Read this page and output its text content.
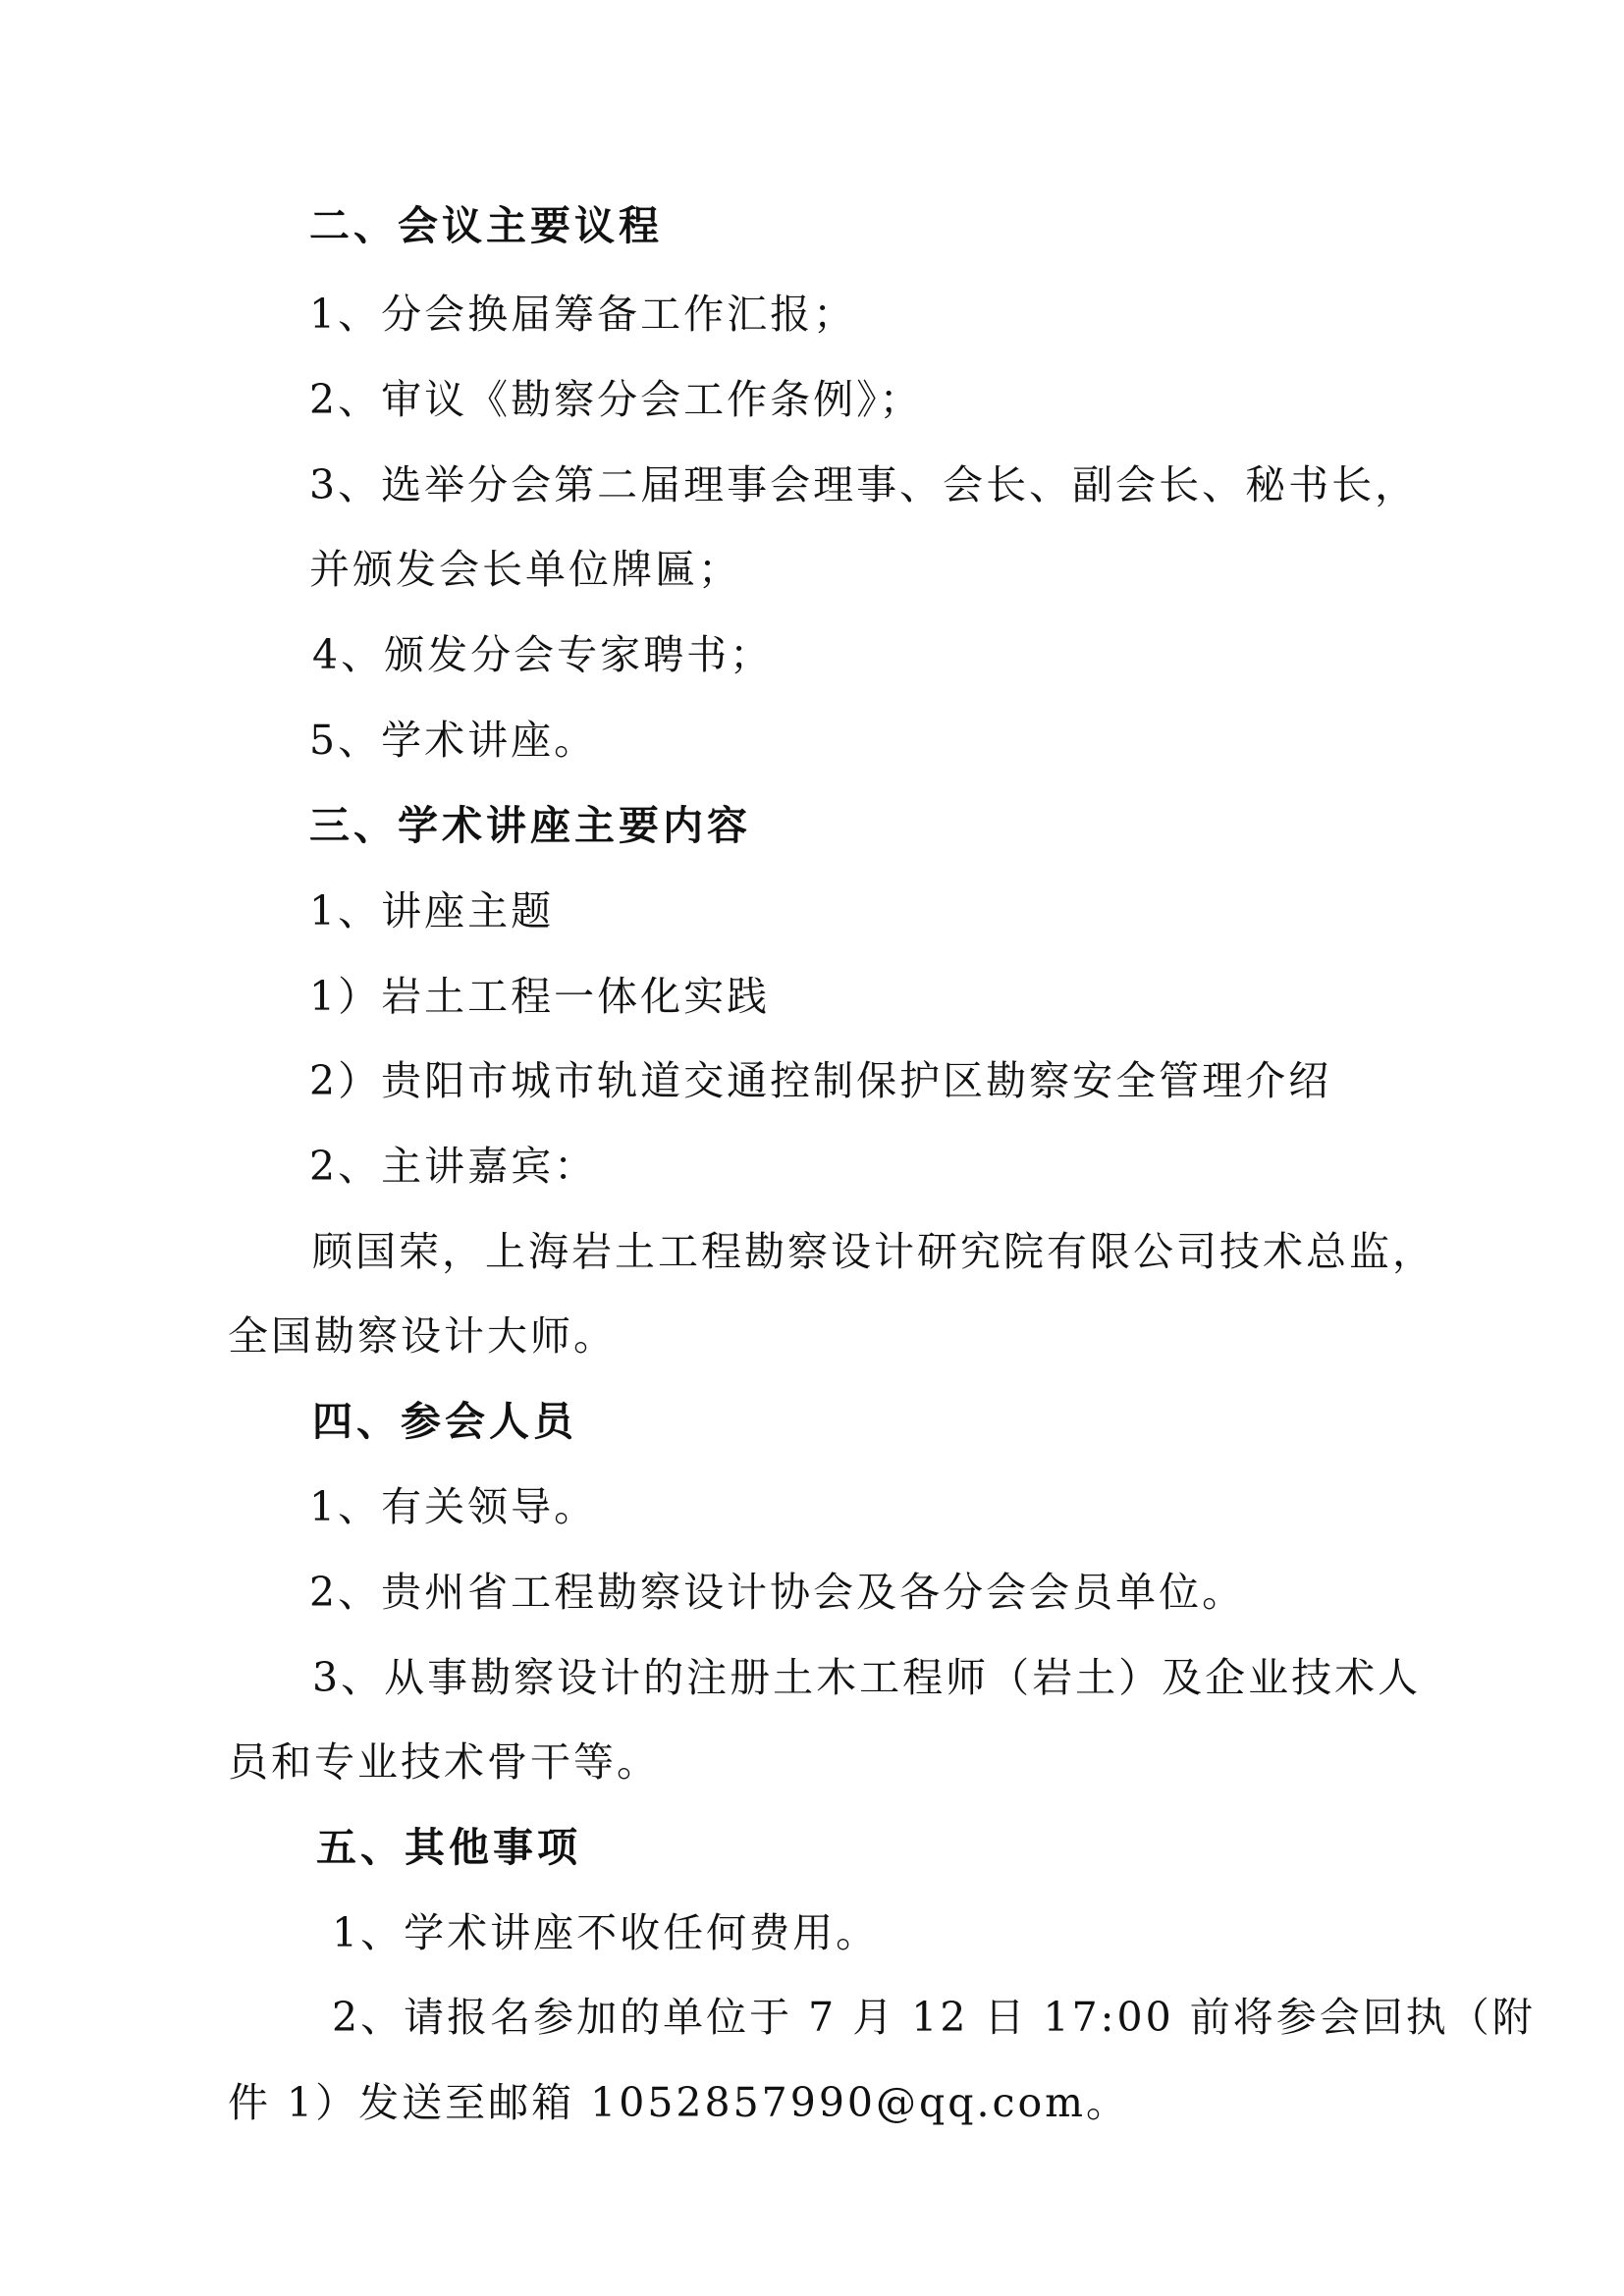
二、会议主要议程
1、分会换届筹备工作汇报；
2、审议《勘察分会工作条例》；
3、选举分会第二届理事会理事、会长、副会长、秘书长，
并颁发会长单位牌匾；
4、颁发分会专家聘书；
5、学术讲座。
三、学术讲座主要内容
1、讲座主题
1）岩土工程一体化实践
2）贵阳市城市轨道交通控制保护区勘察安全管理介绍
2、主讲嘉宾：
顾国荣，上海岩土工程勘察设计研究院有限公司技术总监，
全国勘察设计大师。
四、参会人员
1、有关领导。
2、贵州省工程勘察设计协会及各分会会员单位。
3、从事勘察设计的注册土木工程师（岩土）及企业技术人
员和专业技术骨干等。
五、其他事项
1、学术讲座不收任何费用。
2、请报名参加的单位于 7 月 12 日 17:00 前将参会回执（附
件 1）发送至邮箱 1052857990@qq.com。
